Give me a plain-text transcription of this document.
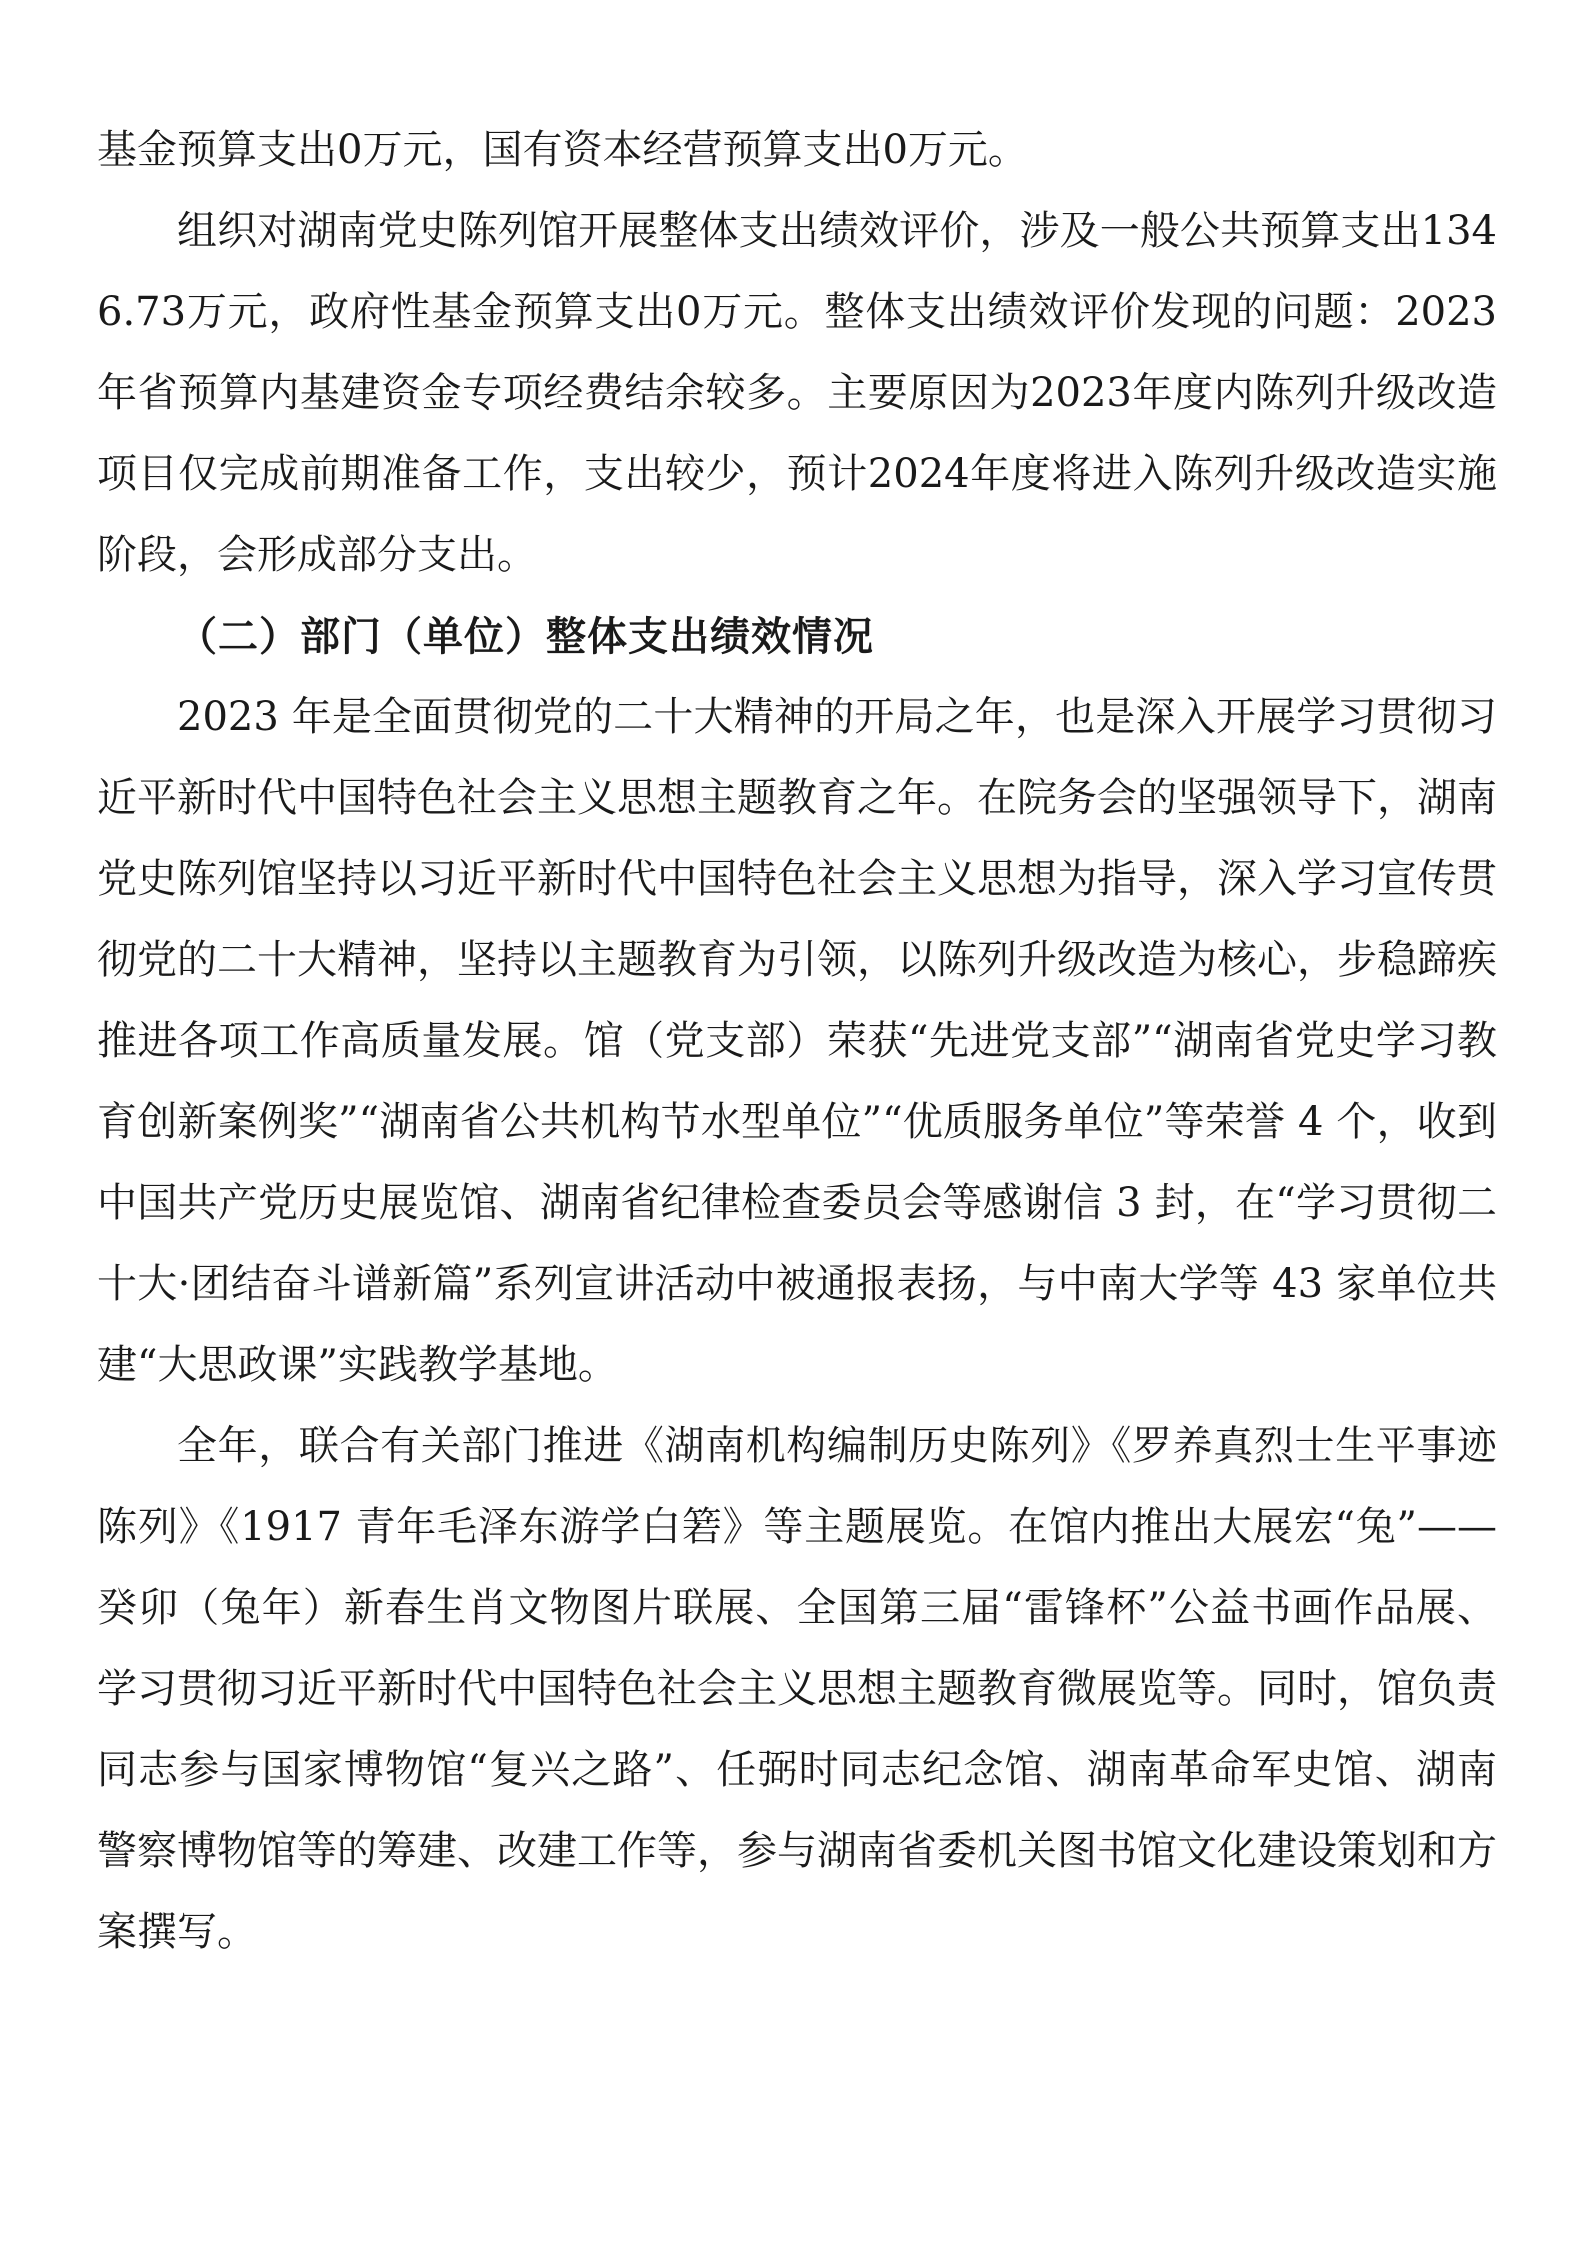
基金预算支出0万元，国有资本经营预算支出0万元。

组织对湖南党史陈列馆开展整体支出绩效评价，涉及一般公共预算支出1346.73万元，政府性基金预算支出0万元。整体支出绩效评价发现的问题：2023年省预算内基建资金专项经费结余较多。主要原因为2023年度内陈列升级改造项目仅完成前期准备工作，支出较少，预计2024年度将进入陈列升级改造实施阶段，会形成部分支出。

（二）部门（单位）整体支出绩效情况

2023 年是全面贯彻党的二十大精神的开局之年，也是深入开展学习贯彻习近平新时代中国特色社会主义思想主题教育之年。在院务会的坚强领导下，湖南党史陈列馆坚持以习近平新时代中国特色社会主义思想为指导，深入学习宣传贯彻党的二十大精神，坚持以主题教育为引领，以陈列升级改造为核心，步稳蹄疾推进各项工作高质量发展。馆（党支部）荣获“先进党支部”“湖南省党史学习教育创新案例奖”“湖南省公共机构节水型单位”“优质服务单位”等荣誉 4 个，收到中国共产党历史展览馆、湖南省纪律检查委员会等感谢信 3 封，在“学习贯彻二十大·团结奋斗谱新篇”系列宣讲活动中被通报表扬，与中南大学等 43 家单位共建“大思政课”实践教学基地。

全年，联合有关部门推进《湖南机构编制历史陈列》《罗养真烈士生平事迹陈列》《1917 青年毛泽东游学白箬》等主题展览。在馆内推出大展宏“兔”—— 癸卯（兔年）新春生肖文物图片联展、全国第三届“雷锋杯”公益书画作品展、学习贯彻习近平新时代中国特色社会主义思想主题教育微展览等。同时，馆负责同志参与国家博物馆“复兴之路”、任弼时同志纪念馆、湖南革命军史馆、湖南警察博物馆等的筹建、改建工作等，参与湖南省委机关图书馆文化建设策划和方案撰写。
